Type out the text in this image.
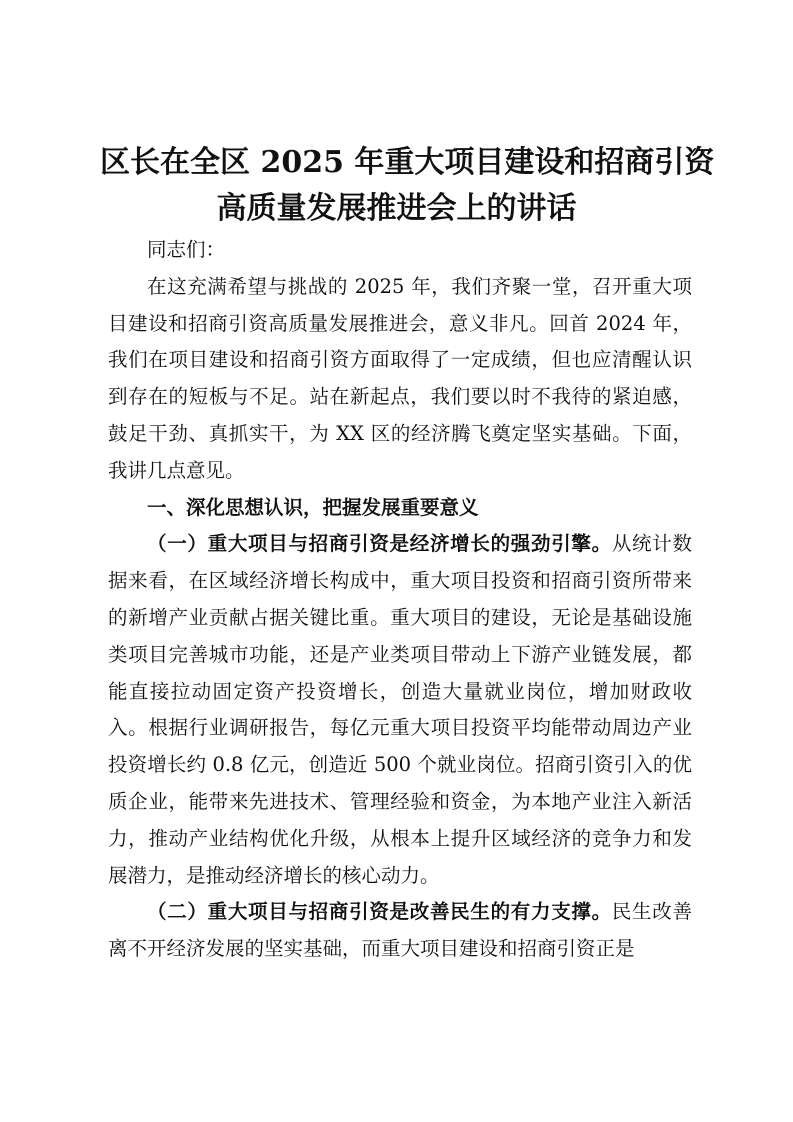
区长在全区 2025 年重大项目建设和招商引资
高质量发展推进会上的讲话

同志们：

在这充满希望与挑战的 2025 年，我们齐聚一堂，召开重大项目建设和招商引资高质量发展推进会，意义非凡。回首 2024 年，我们在项目建设和招商引资方面取得了一定成绩，但也应清醒认识到存在的短板与不足。站在新起点，我们要以时不我待的紧迫感，鼓足干劲、真抓实干，为 XX 区的经济腾飞奠定坚实基础。下面，我讲几点意见。

一、深化思想认识，把握发展重要意义

（一）重大项目与招商引资是经济增长的强劲引擎。从统计数据来看，在区域经济增长构成中，重大项目投资和招商引资所带来的新增产业贡献占据关键比重。重大项目的建设，无论是基础设施类项目完善城市功能，还是产业类项目带动上下游产业链发展，都能直接拉动固定资产投资增长，创造大量就业岗位，增加财政收入。根据行业调研报告，每亿元重大项目投资平均能带动周边产业投资增长约 0.8 亿元，创造近 500 个就业岗位。招商引资引入的优质企业，能带来先进技术、管理经验和资金，为本地产业注入新活力，推动产业结构优化升级，从根本上提升区域经济的竞争力和发展潜力，是推动经济增长的核心动力。

（二）重大项目与招商引资是改善民生的有力支撑。民生改善离不开经济发展的坚实基础，而重大项目建设和招商引资正是
